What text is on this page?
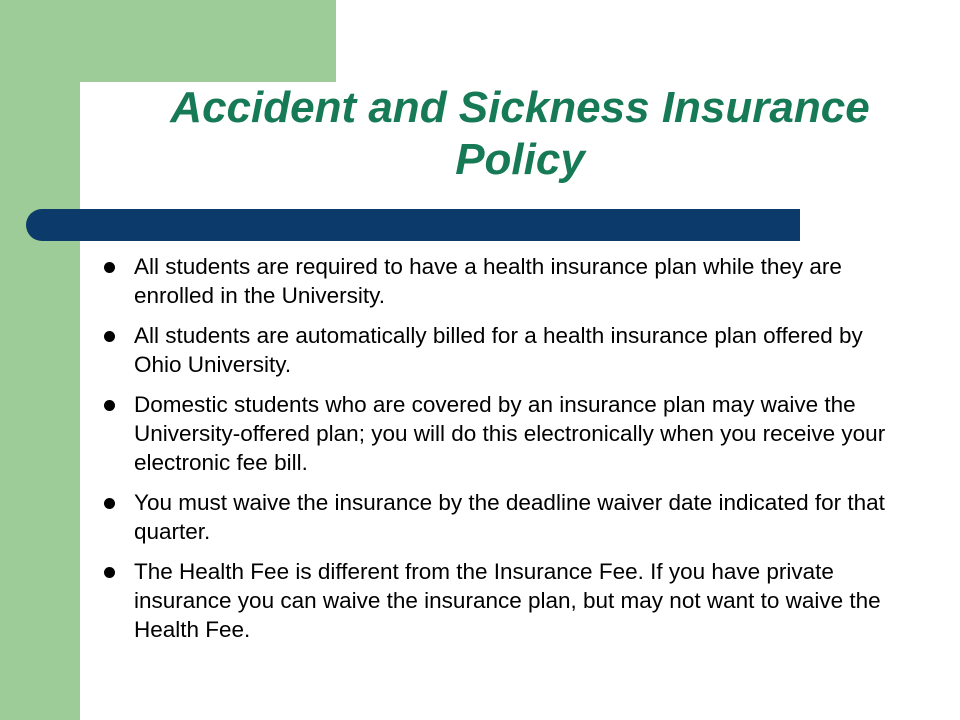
Accident and Sickness Insurance
Policy
All students are required to have a health insurance plan while they are enrolled in the University.
All students are automatically billed for a health insurance plan offered by Ohio University.
Domestic students who are covered by an insurance plan may waive the University-offered plan; you will do this electronically when you receive your electronic fee bill.
You must waive the insurance by the deadline waiver date indicated for that quarter.
The Health Fee is different from the Insurance Fee. If you have private insurance you can waive the insurance plan, but may not want to waive the Health Fee.
